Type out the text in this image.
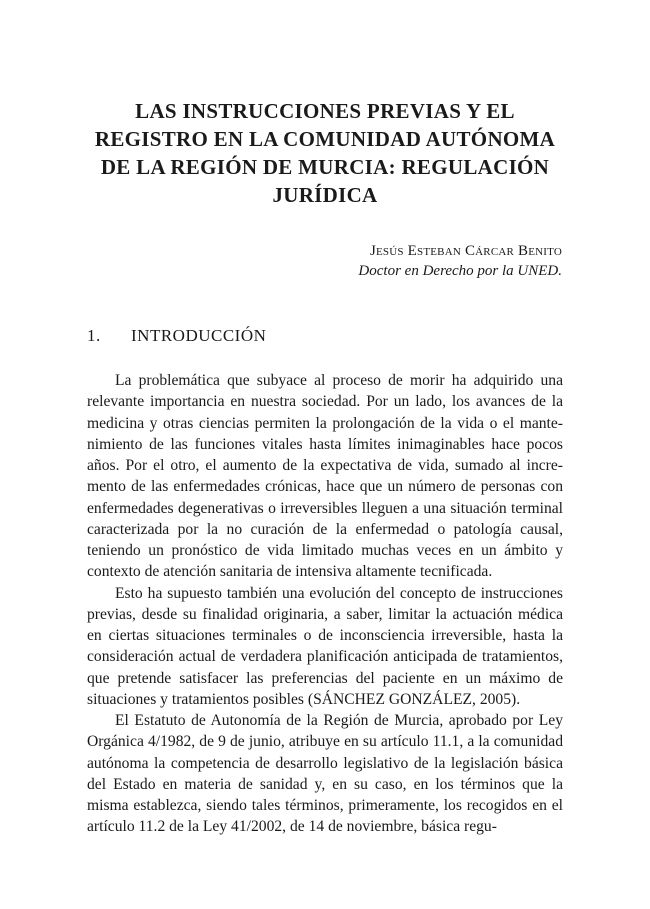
LAS INSTRUCCIONES PREVIAS Y EL
REGISTRO EN LA COMUNIDAD AUTÓNOMA
DE LA REGIÓN DE MURCIA: REGULACIÓN
JURÍDICA
Jesús Esteban Cárcar Benito
Doctor en Derecho por la UNED.
1. INTRODUCCIÓN

La problemática que subyace al proceso de morir ha adquirido una relevante importancia en nuestra sociedad. Por un lado, los avances de la medicina y otras ciencias permiten la prolongación de la vida o el mantenimiento de las funciones vitales hasta límites inimaginables hace pocos años. Por el otro, el aumento de la expectativa de vida, sumado al incremento de las enfermedades crónicas, hace que un número de personas con enfermedades degenerativas o irreversibles lleguen a una situación terminal caracterizada por la no curación de la enfermedad o patología causal, teniendo un pronóstico de vida limitado muchas veces en un ámbito y contexto de atención sanitaria de intensiva altamente tecnificada.

Esto ha supuesto también una evolución del concepto de instrucciones previas, desde su finalidad originaria, a saber, limitar la actuación médica en ciertas situaciones terminales o de inconsciencia irreversible, hasta la consideración actual de verdadera planificación anticipada de tratamientos, que pretende satisfacer las preferencias del paciente en un máximo de situaciones y tratamientos posibles (SÁNCHEZ GONZÁLEZ, 2005).

El Estatuto de Autonomía de la Región de Murcia, aprobado por Ley Orgánica 4/1982, de 9 de junio, atribuye en su artículo 11.1, a la comunidad autónoma la competencia de desarrollo legislativo de la legislación básica del Estado en materia de sanidad y, en su caso, en los términos que la misma establezca, siendo tales términos, primeramente, los recogidos en el artículo 11.2 de la Ley 41/2002, de 14 de noviembre, básica regu-
